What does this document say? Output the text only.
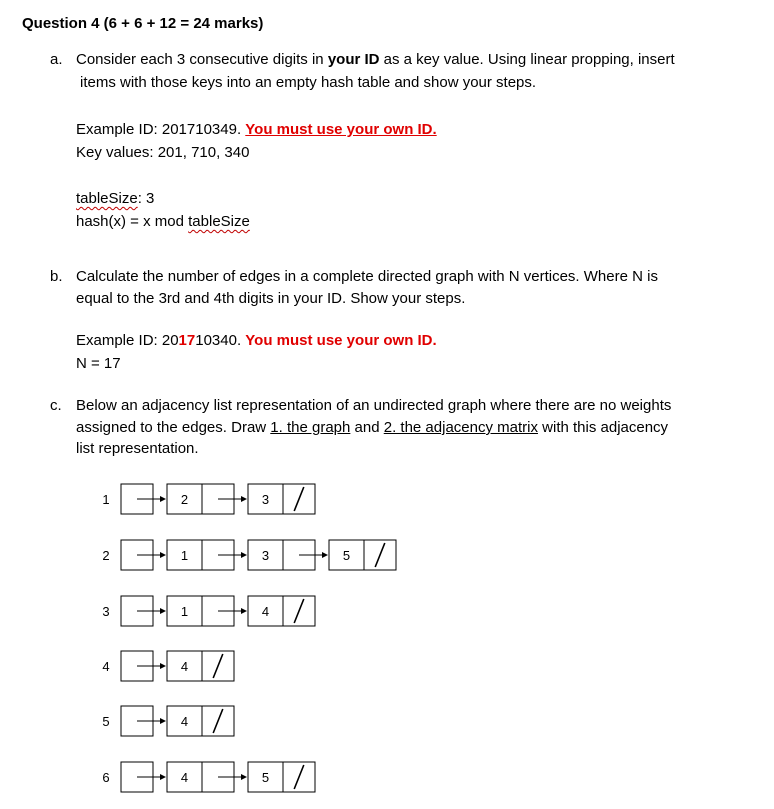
Question 4 (6 + 6 + 12 = 24 marks)
a. Consider each 3 consecutive digits in your ID as a key value. Using linear propping, insert
items with those keys into an empty hash table and show your steps.
Example ID: 201710349. You must use your own ID.
Key values: 201, 710, 340
tableSize: 3
hash(x) = x mod tableSize
b. Calculate the number of edges in a complete directed graph with N vertices. Where N is
equal to the 3rd and 4th digits in your ID. Show your steps.
Example ID: 201710340. You must use your own ID.
N = 17
c. Below an adjacency list representation of an undirected graph where there are no weights
assigned to the edges. Draw 1. the graph and 2. the adjacency matrix with this adjacency
list representation.
1	2	3
2	1	3	5
3	1	4
4	4
5	4
6	4	5
